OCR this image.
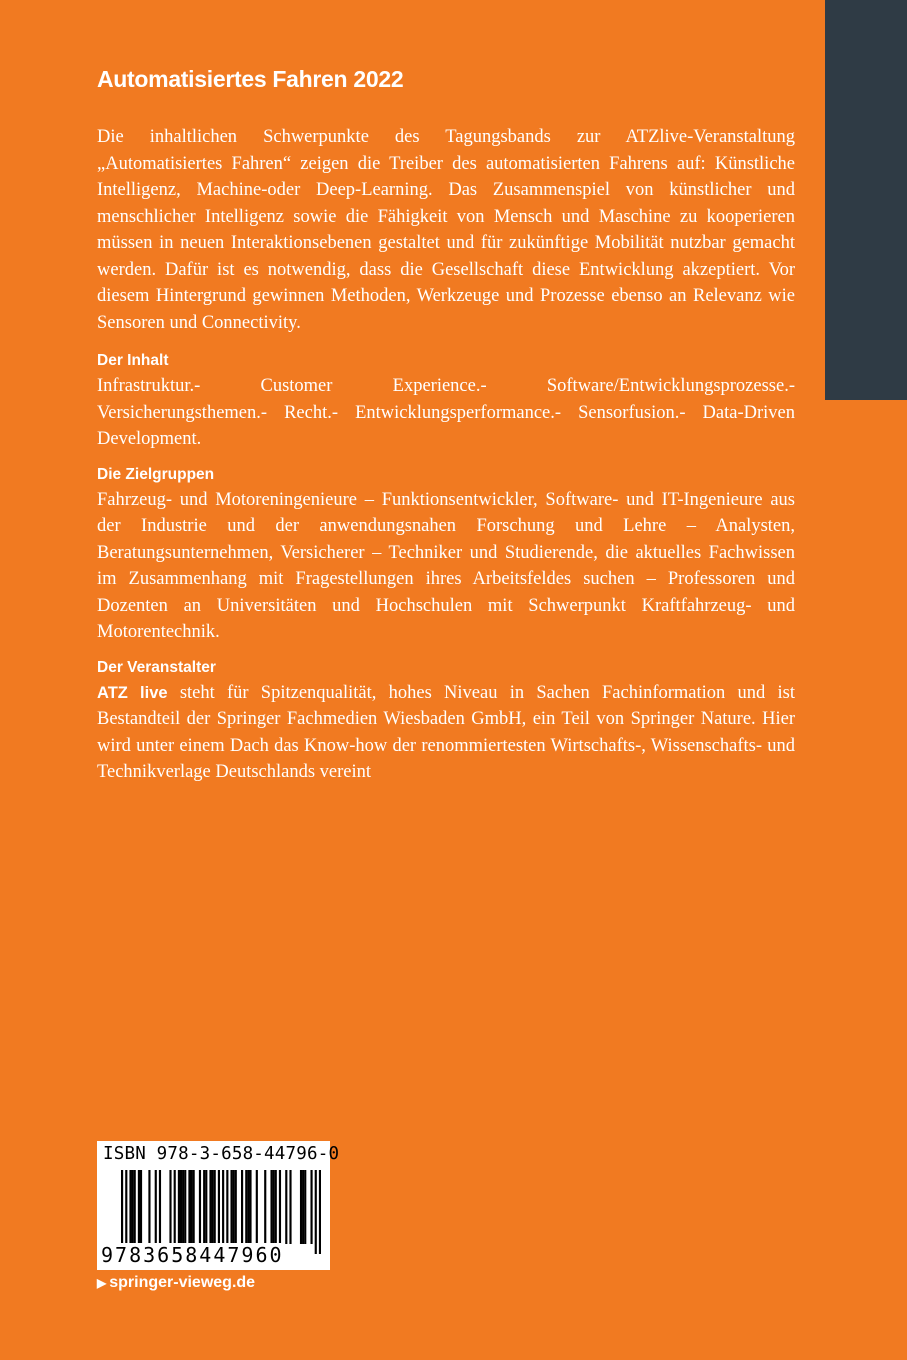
Automatisiertes Fahren 2022

Die inhaltlichen Schwerpunkte des Tagungsbands zur ATZlive-Veranstaltung „Automatisiertes Fahren“ zeigen die Treiber des automatisierten Fahrens auf: Künstliche Intelligenz, Machine-oder Deep-Learning. Das Zusammenspiel von künstlicher und menschlicher Intelligenz sowie die Fähigkeit von Mensch und Maschine zu kooperieren müssen in neuen Interaktionsebenen gestaltet und für zukünftige Mobilität nutzbar gemacht werden. Dafür ist es notwendig, dass die Gesellschaft diese Entwicklung akzeptiert. Vor diesem Hintergrund gewinnen Methoden, Werkzeuge und Prozesse ebenso an Relevanz wie Sensoren und Connectivity.

Der Inhalt

Infrastruktur.- Customer Experience.- Software/Entwicklungsprozesse.- Versicherungsthemen.- Recht.- Entwicklungsperformance.- Sensorfusion.- Data-Driven Development.

Die Zielgruppen

Fahrzeug- und Motoreningenieure – Funktionsentwickler, Software- und IT-Ingenieure aus der Industrie und der anwendungsnahen Forschung und Lehre – Analysten, Beratungsunternehmen, Versicherer – Techniker und Studierende, die aktuelles Fachwissen im Zusammenhang mit Fragestellungen ihres Arbeitsfeldes suchen – Professoren und Dozenten an Universitäten und Hochschulen mit Schwerpunkt Kraftfahrzeug- und Motorentechnik.

Der Veranstalter

ATZ live steht für Spitzenqualität, hohes Niveau in Sachen Fachinformation und ist Bestandteil der Springer Fachmedien Wiesbaden GmbH, ein Teil von Springer Nature. Hier wird unter einem Dach das Know-how der renommiertesten Wirtschafts-, Wissenschafts- und Technikverlage Deutschlands vereint

ISBN 978-3-658-44796-0
9783658447960
▶ springer-vieweg.de
